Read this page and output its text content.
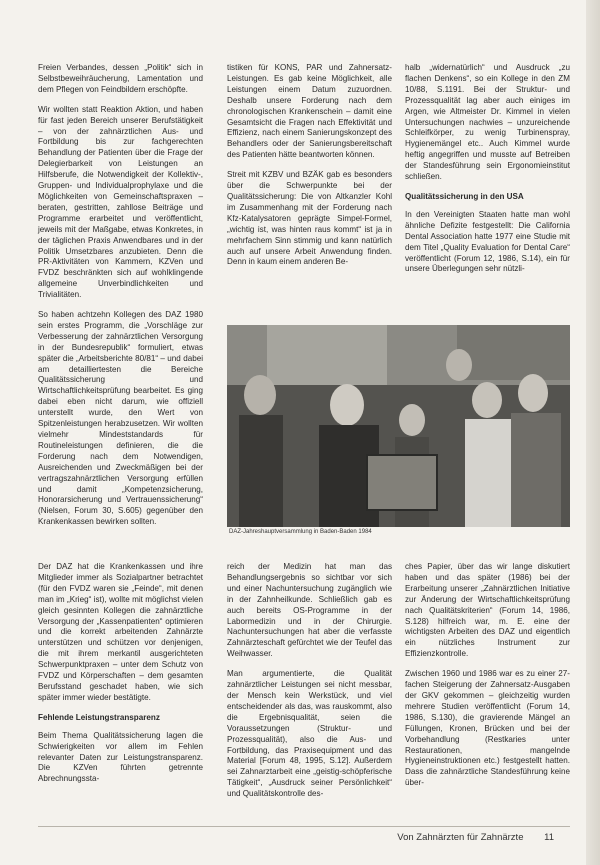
Freien Verbandes, dessen „Politik“ sich in Selbstbeweihräucherung, Lamentation und dem Pflegen von Feindbildern erschöpfte.

Wir wollten statt Reaktion Aktion, und haben für fast jeden Bereich unserer Berufstätigkeit – von der zahnärztlichen Aus- und Fortbildung bis zur fachgerechten Behandlung der Patienten über die Frage der Delegierbarkeit von Leistungen an Hilfsberufe, die Notwendigkeit der Kollektiv-, Gruppen- und Individualprophylaxe und die Möglichkeiten von Gemeinschaftspraxen – beraten, gestritten, zahllose Beiträge und Programme erarbeitet und veröffentlicht, jeweils mit der Maßgabe, etwas Konkretes, in der täglichen Praxis Anwendbares und in der Politik Umsetzbares anzubieten. Denn die PR-Aktivitäten von Kammern, KZVen und FVDZ beschränkten sich auf wohlklingende allgemeine Unverbindlichkeiten und Trivialitäten.

So haben achtzehn Kollegen des DAZ 1980 sein erstes Programm, die „Vorschläge zur Verbesserung der zahnärztlichen Versorgung in der Bundesrepublik“ formuliert, etwas später die „Arbeitsberichte 80/81“ – und dabei am detailliertesten die Bereiche Qualitätssicherung und Wirtschaftlichkeitsprüfung bearbeitet. Es ging dabei eben nicht darum, wie offiziell unterstellt wurde, den Wert von Spitzenleistungen herabzusetzen. Wir wollten vielmehr Mindeststandards für Routineleistungen definieren, die die Forderung nach dem Notwendigen, Ausreichenden und Zweckmäßigen bei der vertragszahnärztlichen Versorgung erfüllen und damit „Kompetenzsicherung, Honorarsicherung und Vertrauenssicherung“ (Nielsen, Forum 30, S.605) gegenüber den Krankenkassen bewirken sollten.

Der DAZ hat die Krankenkassen und ihre Mitglieder immer als Sozialpartner betrachtet (für den FVDZ waren sie „Feinde“, mit denen man im „Krieg“ ist), wollte mit möglichst vielen gleich gesinnten Kollegen die zahnärztliche Versorgung der „Kassenpatienten“ optimieren und die korrekt arbeitenden Zahnärzte unterstützen und schützen vor denjenigen, die mit ihrem merkantil ausgerichteten Schwerpunktpraxen – unter dem Schutz von FVDZ und Körperschaften – dem gesamten Berufsstand geschadet haben, wie sich später immer wieder bestätigte.

Fehlende Leistungstransparenz

Beim Thema Qualitätssicherung lagen die Schwierigkeiten vor allem im Fehlen relevanter Daten zur Leistungstransparenz. Die KZVen führten getrennte Abrechnungssta-

tistiken für KONS, PAR und Zahnersatz-Leistungen. Es gab keine Möglichkeit, alle Leistungen einem Datum zuzuordnen. Deshalb unsere Forderung nach dem chronologischen Krankenschein – damit eine Gesamtsicht die Fragen nach Effektivität und Effizienz, nach einem Sanierungskonzept des Behandlers oder der Sanierungsbereitschaft des Patienten hätte beantworten können.

Streit mit KZBV und BZÄK gab es besonders über die Schwerpunkte bei der Qualitätssicherung: Die von Altkanzler Kohl im Zusammenhang mit der Forderung nach Kfz-Katalysatoren geprägte Simpel-Formel, „wichtig ist, was hinten raus kommt“ ist ja in mehrfachem Sinn stimmig und kann natürlich auch auf unsere Arbeit Anwendung finden. Denn in kaum einem anderen Be-

reich der Medizin hat man das Behandlungsergebnis so sichtbar vor sich und einer Nachuntersuchung zugänglich wie in der Zahnheilkunde. Schließlich gab es auch bereits OS-Programme in der Labormedizin und in der Chirurgie. Nachuntersuchungen hat aber die verfasste Zahnärzteschaft gefürchtet wie der Teufel das Weihwasser.

Man argumentierte, die Qualität zahnärztlicher Leistungen sei nicht messbar, der Mensch kein Werkstück, und viel entscheidender als das, was rauskommt, also die Ergebnisqualität, seien die Voraussetzungen (Struktur- und Prozessqualität), also die Aus- und Fortbildung, das Praxisequipment und das Material [Forum 48, 1995, S.12]. Außerdem sei Zahnarztarbeit eine „geistig-schöpferische Tätigkeit“, „Ausdruck seiner Persönlichkeit“ und Qualitätskontrolle des-

halb „widernatürlich“ und Ausdruck „zu flachen Denkens“, so ein Kollege in den ZM 10/88, S.1191. Bei der Struktur- und Prozessqualität lag aber auch einiges im Argen, wie Altmeister Dr. Kimmel in vielen Untersuchungen nachwies – unzureichende Schleifkörper, zu wenig Turbinenspray, Hygienemängel etc.. Auch Kimmel wurde heftig angegriffen und musste auf Betreiben der Standesführung sein Ergonomieinstitut schließen.

Qualitätssicherung in den USA

In den Vereinigten Staaten hatte man wohl ähnliche Defizite festgestellt: Die California Dental Association hatte 1977 eine Studie mit dem Titel „Quality Evaluation for Dental Care“ veröffentlicht (Forum 12, 1986, S.14), ein für unsere Überlegungen sehr nützli-

ches Papier, über das wir lange diskutiert haben und das später (1986) bei der Erarbeitung unserer „Zahnärztlichen Initiative zur Änderung der Wirtschaftlichkeitsprüfung nach Qualitätskriterien“ (Forum 14, 1986, S.128) hilfreich war, m. E. eine der wichtigsten Arbeiten des DAZ und eigentlich ein nützliches Instrument zur Effizienzkontrolle.

Zwischen 1960 und 1986 war es zu einer 27-fachen Steigerung der Zahnersatz-Ausgaben der GKV gekommen – gleichzeitig wurden mehrere Studien veröffentlicht (Forum 14, 1986, S.130), die gravierende Mängel an Füllungen, Kronen, Brücken und bei der Vorbehandlung (Restkaries unter Restaurationen, mangelnde Hygieneinstruktionen etc.) festgestellt hatten. Dass die zahnärztliche Standesführung keine über-

DAZ-Jahreshauptversammlung in Baden-Baden 1984
Von Zahnärzten für Zahnärzte 11
